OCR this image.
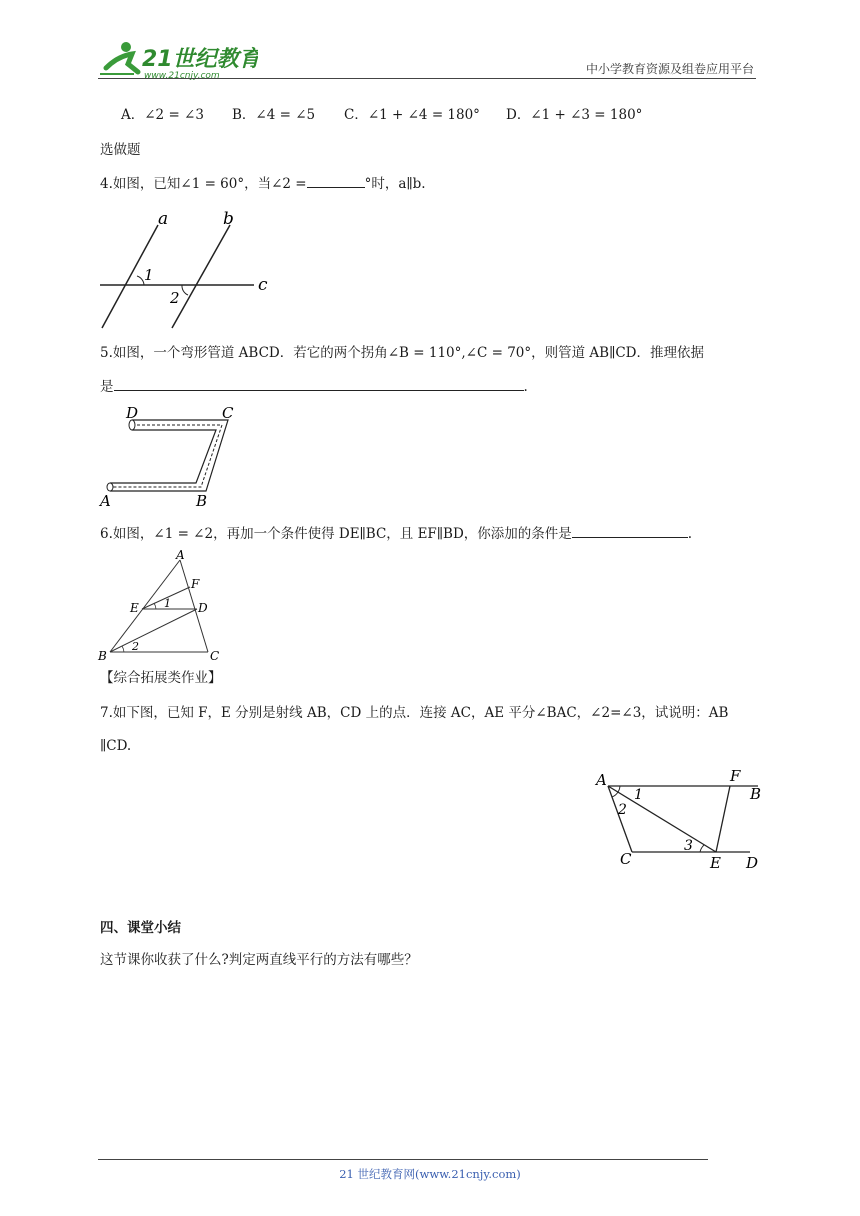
21世纪教育
www.21cnjy.com	中小学教育资源及组卷应用平台
A．∠2 = ∠3 B．∠4 = ∠5 C．∠1 + ∠4 = 180° D．∠1 + ∠3 = 180°
选做题
4.如图，已知∠1 = 60°，当∠2 =	°时，a∥b.
a	b
c
1
2
5.如图，一个弯形管道 ABCD．若它的两个拐角∠B = 110°,∠C = 70°，则管道 AB∥CD．推理依据
是	.
D	C
A	B
6.如图，∠1 = ∠2，再加一个条件使得 DE∥BC，且 EF∥BD，你添加的条件是	.
A
F
E	D
B	C
1
2
【综合拓展类作业】
7.如下图，已知 F，E 分别是射线 AB，CD 上的点．连接 AC，AE 平分∠BAC，∠2=∠3，试说明：AB
∥CD.
A	F
B
C	E D
1
2
3
四、课堂小结
这节课你收获了什么?判定两直线平行的方法有哪些？
21 世纪教育网(www.21cnjy.com)
